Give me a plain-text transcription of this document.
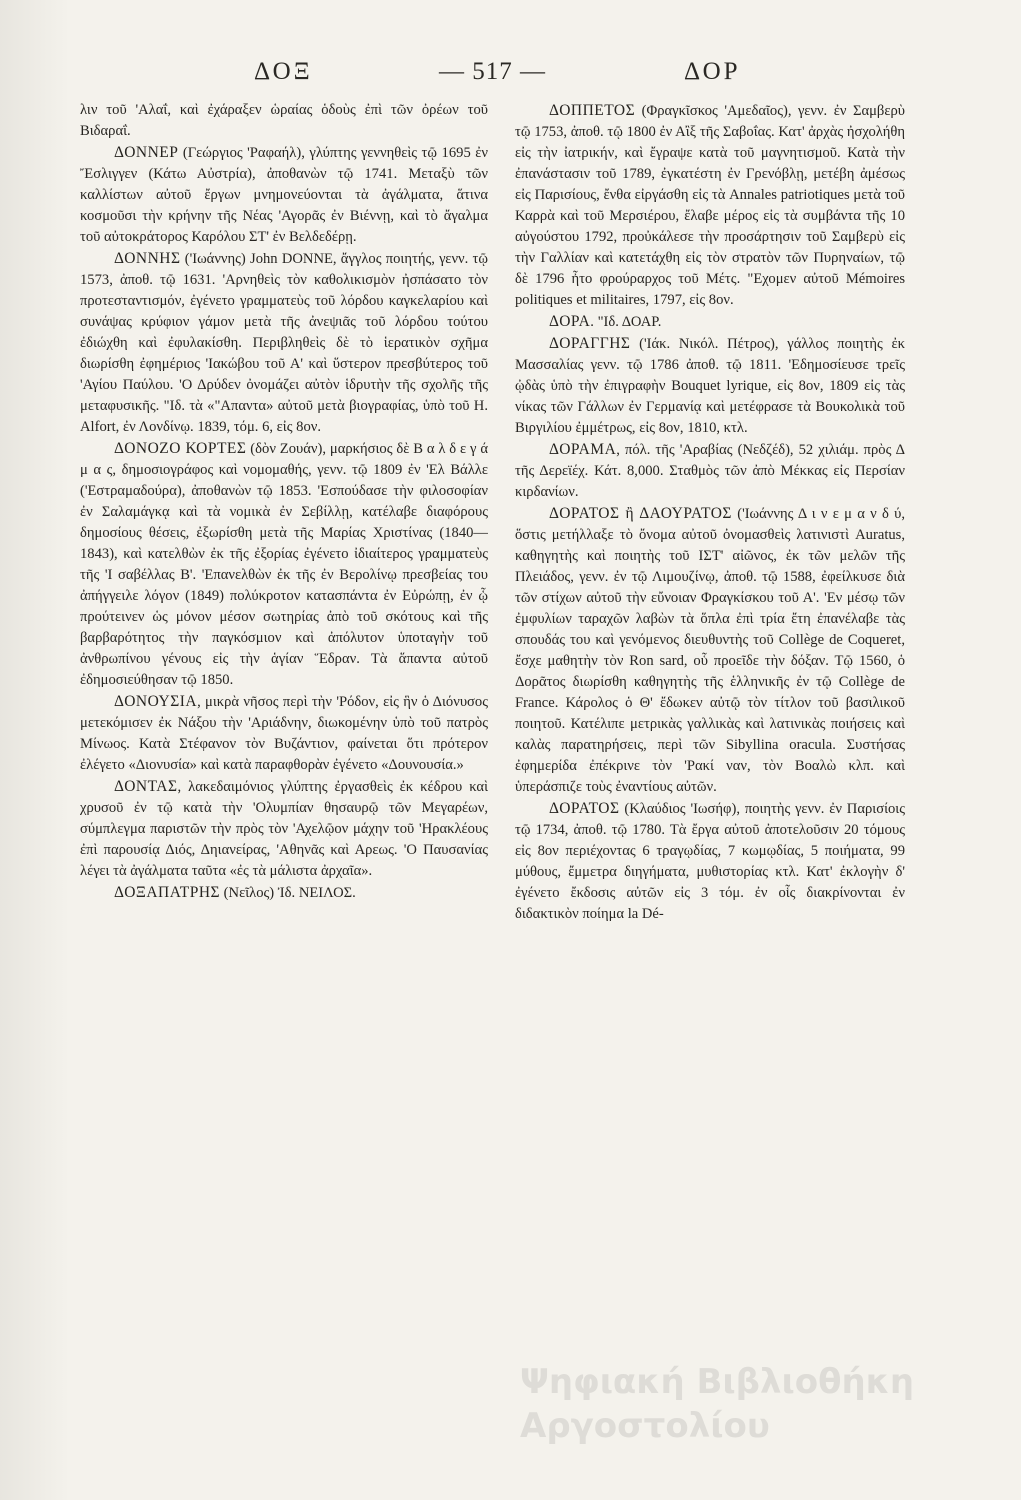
ΔΟΞ	— 517 —	ΔΟΡ

λιν τοῦ 'Αλαΐ, καὶ ἐχάραξεν ὡραίας ὁδοὺς ἐπὶ τῶν ὀρέων τοῦ Βιδαραΐ.

ΔΟΝΝΕΡ (Γεώργιος 'Ραφαήλ), γλύπτης γεννηθεὶς τῷ 1695 ἐν Ἔσλιγγεν (Κάτω Αὐστρία), ἀποθανὼν τῷ 1741. Μεταξὺ τῶν καλλίστων αὐτοῦ ἔργων μνημονεύονται τὰ ἀγάλματα, ἅτινα κοσμοῦσι τὴν κρήνην τῆς Νέας 'Αγορᾶς ἐν Βιέννῃ, καὶ τὸ ἄγαλμα τοῦ αὐτοκράτορος Καρόλου ΣΤ' ἐν Βελδεδέρῃ.

ΔΟΝΝΗΣ ('Ιωάννης) John DONNE, ἄγγλος ποιητής, γενν. τῷ 1573, ἀποθ. τῷ 1631. 'Αρνηθεὶς τὸν καθολικισμὸν ἠσπάσατο τὸν προτεσταντισμόν, ἐγένετο γραμματεὺς τοῦ λόρδου καγκελαρίου καὶ συνάψας κρύφιον γάμον μετὰ τῆς ἀνεψιᾶς τοῦ λόρδου τούτου ἐδιώχθη καὶ ἐφυλακίσθη. Περιβληθεὶς δὲ τὸ ἱερατικὸν σχῆμα διωρίσθη ἐφημέριος 'Ιακώβου τοῦ Α' καὶ ὕστερον πρεσβύτερος τοῦ 'Αγίου Παύλου. 'Ο Δρύδεν ὀνομάζει αὐτὸν ἱδρυτὴν τῆς σχολῆς τῆς μεταφυσικῆς. "Ιδ. τὰ «"Απαντα» αὐτοῦ μετὰ βιογραφίας, ὑπὸ τοῦ H. Alfort, ἐν Λονδίνῳ. 1839, τόμ. 6, εἰς 8ον.

ΔΟΝΟΖΟ ΚΟΡΤΕΣ (δὸν Ζουάν), μαρκήσιος δὲ Β α λ δ ε γ ά μ α ς, δημοσιογράφος καὶ νομομαθής, γενν. τῷ 1809 ἐν 'Ελ Βάλλε ('Εστραμαδούρα), ἀποθανὼν τῷ 1853. 'Εσπούδασε τὴν φιλοσοφίαν ἐν Σαλαμάγκᾳ καὶ τὰ νομικὰ ἐν Σεβίλλῃ, κατέλαβε διαφόρους δημοσίους θέσεις, ἐξωρίσθη μετὰ τῆς Μαρίας Χριστίνας (1840—1843), καὶ κατελθὼν ἐκ τῆς ἐξορίας ἐγένετο ἰδιαίτερος γραμματεὺς τῆς 'Ι σαβέλλας Β'. 'Επανελθὼν ἐκ τῆς ἐν Βερολίνῳ πρεσβείας του ἀπήγγειλε λόγον (1849) πολύκροτον κατασπάντα ἐν Εὐρώπῃ, ἐν ᾧ προύτεινεν ὡς μόνον μέσον σωτηρίας ἀπὸ τοῦ σκότους καὶ τῆς βαρβαρότητος τὴν παγκόσμιον καὶ ἀπόλυτον ὑποταγὴν τοῦ ἀνθρωπίνου γένους εἰς τὴν ἁγίαν Ἕδραν. Τὰ ἅπαντα αὐτοῦ ἐδημοσιεύθησαν τῷ 1850.

ΔΟΝΟΥΣΙΑ, μικρὰ νῆσος περὶ τὴν 'Ρόδον, εἰς ἣν ὁ Διόνυσος μετεκόμισεν ἐκ Νάξου τὴν 'Αριάδνην, διωκομένην ὑπὸ τοῦ πατρὸς Μίνωος. Κατὰ Στέφανον τὸν Βυζάντιον, φαίνεται ὅτι πρότερον ἐλέγετο «Διονυσία» καὶ κατὰ παραφθορὰν ἐγένετο «Δουνουσία.»

ΔΟΝΤΑΣ, λακεδαιμόνιος γλύπτης ἐργασθεὶς ἐκ κέδρου καὶ χρυσοῦ ἐν τῷ κατὰ τὴν 'Ολυμπίαν θησαυρῷ τῶν Μεγαρέων, σύμπλεγμα παριστῶν τὴν πρὸς τὸν 'Αχελῷον μάχην τοῦ 'Ηρακλέους ἐπὶ παρουσίᾳ Διός, Δηιανείρας, 'Αθηνᾶς καὶ Αρεως. 'Ο Παυσανίας λέγει τὰ ἀγάλματα ταῦτα «ἐς τὰ μάλιστα ἀρχαῖα».

ΔΟΞΑΠΑΤΡΗΣ (Νεῖλος) Ἰδ. ΝΕΙΛΟΣ.

ΔΟΠΠΕΤΟΣ (Φραγκῖσκος 'Αμεδαῖος), γενν. ἐν Σαμβερὺ τῷ 1753, ἀποθ. τῷ 1800 ἐν Αἲξ τῆς Σαβοΐας. Κατ' ἀρχὰς ἠσχολήθη εἰς τὴν ἰατρικήν, καὶ ἔγραψε κατὰ τοῦ μαγνητισμοῦ. Κατὰ τὴν ἐπανάστασιν τοῦ 1789, ἐγκατέστη ἐν Γρενόβλῃ, μετέβη ἀμέσως εἰς Παρισίους, ἔνθα εἰργάσθη εἰς τὰ Annales patriotiques μετὰ τοῦ Καρρὰ καὶ τοῦ Μερσιέρου, ἔλαβε μέρος εἰς τὰ συμβάντα τῆς 10 αὐγούστου 1792, προὐκάλεσε τὴν προσάρτησιν τοῦ Σαμβερὺ εἰς τὴν Γαλλίαν καὶ κατετάχθη εἰς τὸν στρατὸν τῶν Πυρηναίων, τῷ δὲ 1796 ἦτο φρούραρχος τοῦ Μέτς. "Εχομεν αὐτοῦ Mémoires politiques et militaires, 1797, εἰς 8ον.

ΔΟΡΑ. "Ιδ. ΔΟΑΡ.

ΔΟΡΑΓΓΗΣ ('Ιάκ. Νικόλ. Πέτρος), γάλλος ποιητὴς ἐκ Μασσαλίας γενν. τῷ 1786 ἀποθ. τῷ 1811. 'Εδημοσίευσε τρεῖς ᾠδὰς ὑπὸ τὴν ἐπιγραφὴν Bouquet lyrique, εἰς 8ον, 1809 εἰς τὰς νίκας τῶν Γάλλων ἐν Γερμανίᾳ καὶ μετέφρασε τὰ Βουκολικὰ τοῦ Βιργιλίου ἐμμέτρως, εἰς 8ον, 1810, κτλ.

ΔΟΡΑΜΑ, πόλ. τῆς 'Αραβίας (Νεδζέδ), 52 χιλιάμ. πρὸς Δ τῆς Δερεϊέχ. Κάτ. 8,000. Σταθμὸς τῶν ἀπὸ Μέκκας εἰς Περσίαν κιρδανίων.

ΔΟΡΑΤΟΣ ἢ ΔΑΟΥΡΑΤΟΣ ('Ιωάννης Δ ι ν ε μ α ν δ ύ, ὅστις μετήλλαξε τὸ ὄνομα αὐτοῦ ὀνομασθεὶς λατινιστὶ Auratus, καθηγητὴς καὶ ποιητὴς τοῦ ΙΣΤ' αἰῶνος, ἐκ τῶν μελῶν τῆς Πλειάδος, γενν. ἐν τῷ Λιμουζίνῳ, ἀποθ. τῷ 1588, ἐφείλκυσε διὰ τῶν στίχων αὐτοῦ τὴν εὔνοιαν Φραγκίσκου τοῦ Α'. 'Εν μέσῳ τῶν ἐμφυλίων ταραχῶν λαβὼν τὰ ὅπλα ἐπὶ τρία ἔτη ἐπανέλαβε τὰς σπουδάς του καὶ γενόμενος διευθυντὴς τοῦ Collège de Coqueret, ἔσχε μαθητὴν τὸν Ron sard, οὗ προεῖδε τὴν δόξαν. Τῷ 1560, ὁ Δορᾶτος διωρίσθη καθηγητὴς τῆς ἑλληνικῆς ἐν τῷ Collège de France. Κάρολος ὁ Θ' ἔδωκεν αὐτῷ τὸν τίτλον τοῦ βασιλικοῦ ποιητοῦ. Κατέλιπε μετρικὰς γαλλικὰς καὶ λατινικὰς ποιήσεις καὶ καλὰς παρατηρήσεις, περὶ τῶν Sibyllina oracula. Συστήσας ἐφημερίδα ἐπέκρινε τὸν 'Ρακί ναν, τὸν Βοαλὼ κλπ. καὶ ὑπεράσπιζε τοὺς ἐναντίους αὐτῶν.

ΔΟΡΑΤΟΣ (Κλαύδιος 'Ιωσήφ), ποιητὴς γενν. ἐν Παρισίοις τῷ 1734, ἀποθ. τῷ 1780. Τὰ ἔργα αὐτοῦ ἀποτελοῦσιν 20 τόμους εἰς 8ον περιέχοντας 6 τραγῳδίας, 7 κωμῳδίας, 5 ποιήματα, 99 μύθους, ἔμμετρα διηγήματα, μυθιστορίας κτλ. Κατ' ἐκλογὴν δ' ἐγένετο ἔκδοσις αὐτῶν εἰς 3 τόμ. ἐν οἷς διακρίνονται ἐν διδακτικὸν ποίημα la Dé-

Ψηφιακή Βιβλιοθήκη Αργοστολίου
